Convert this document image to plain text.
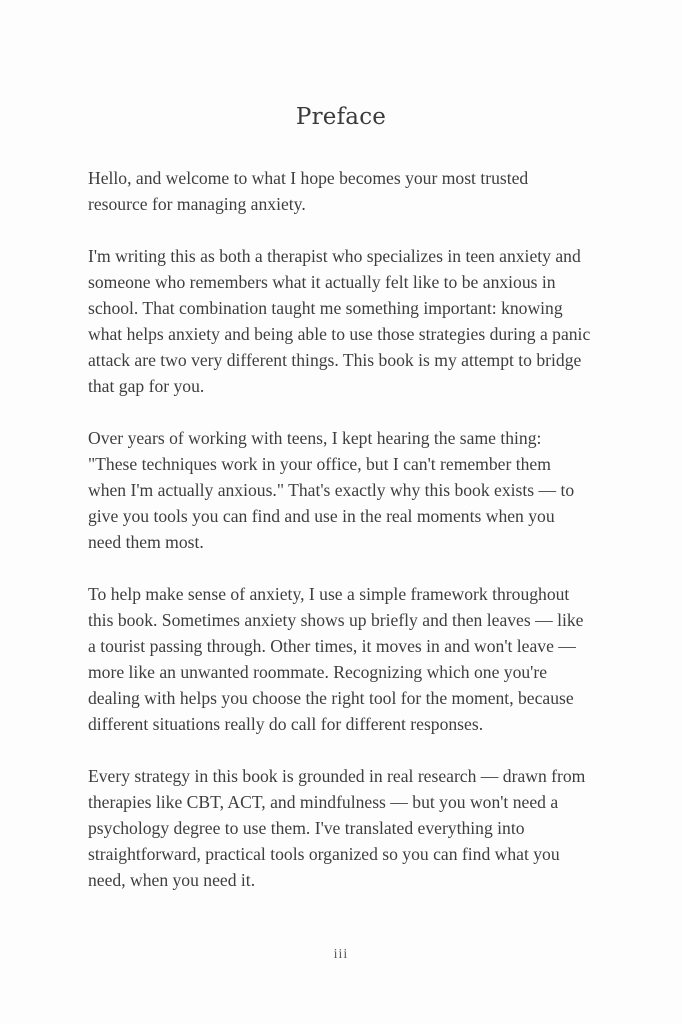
Preface

Hello, and welcome to what I hope becomes your most trusted resource for managing anxiety.

I'm writing this as both a therapist who specializes in teen anxiety and someone who remembers what it actually felt like to be anxious in school. That combination taught me something important: knowing what helps anxiety and being able to use those strategies during a panic attack are two very different things. This book is my attempt to bridge that gap for you.

Over years of working with teens, I kept hearing the same thing: "These techniques work in your office, but I can't remember them when I'm actually anxious." That's exactly why this book exists — to give you tools you can find and use in the real moments when you need them most.

To help make sense of anxiety, I use a simple framework throughout this book. Sometimes anxiety shows up briefly and then leaves — like a tourist passing through. Other times, it moves in and won't leave — more like an unwanted roommate. Recognizing which one you're dealing with helps you choose the right tool for the moment, because different situations really do call for different responses.

Every strategy in this book is grounded in real research — drawn from therapies like CBT, ACT, and mindfulness — but you won't need a psychology degree to use them. I've translated everything into straightforward, practical tools organized so you can find what you need, when you need it.

iii
